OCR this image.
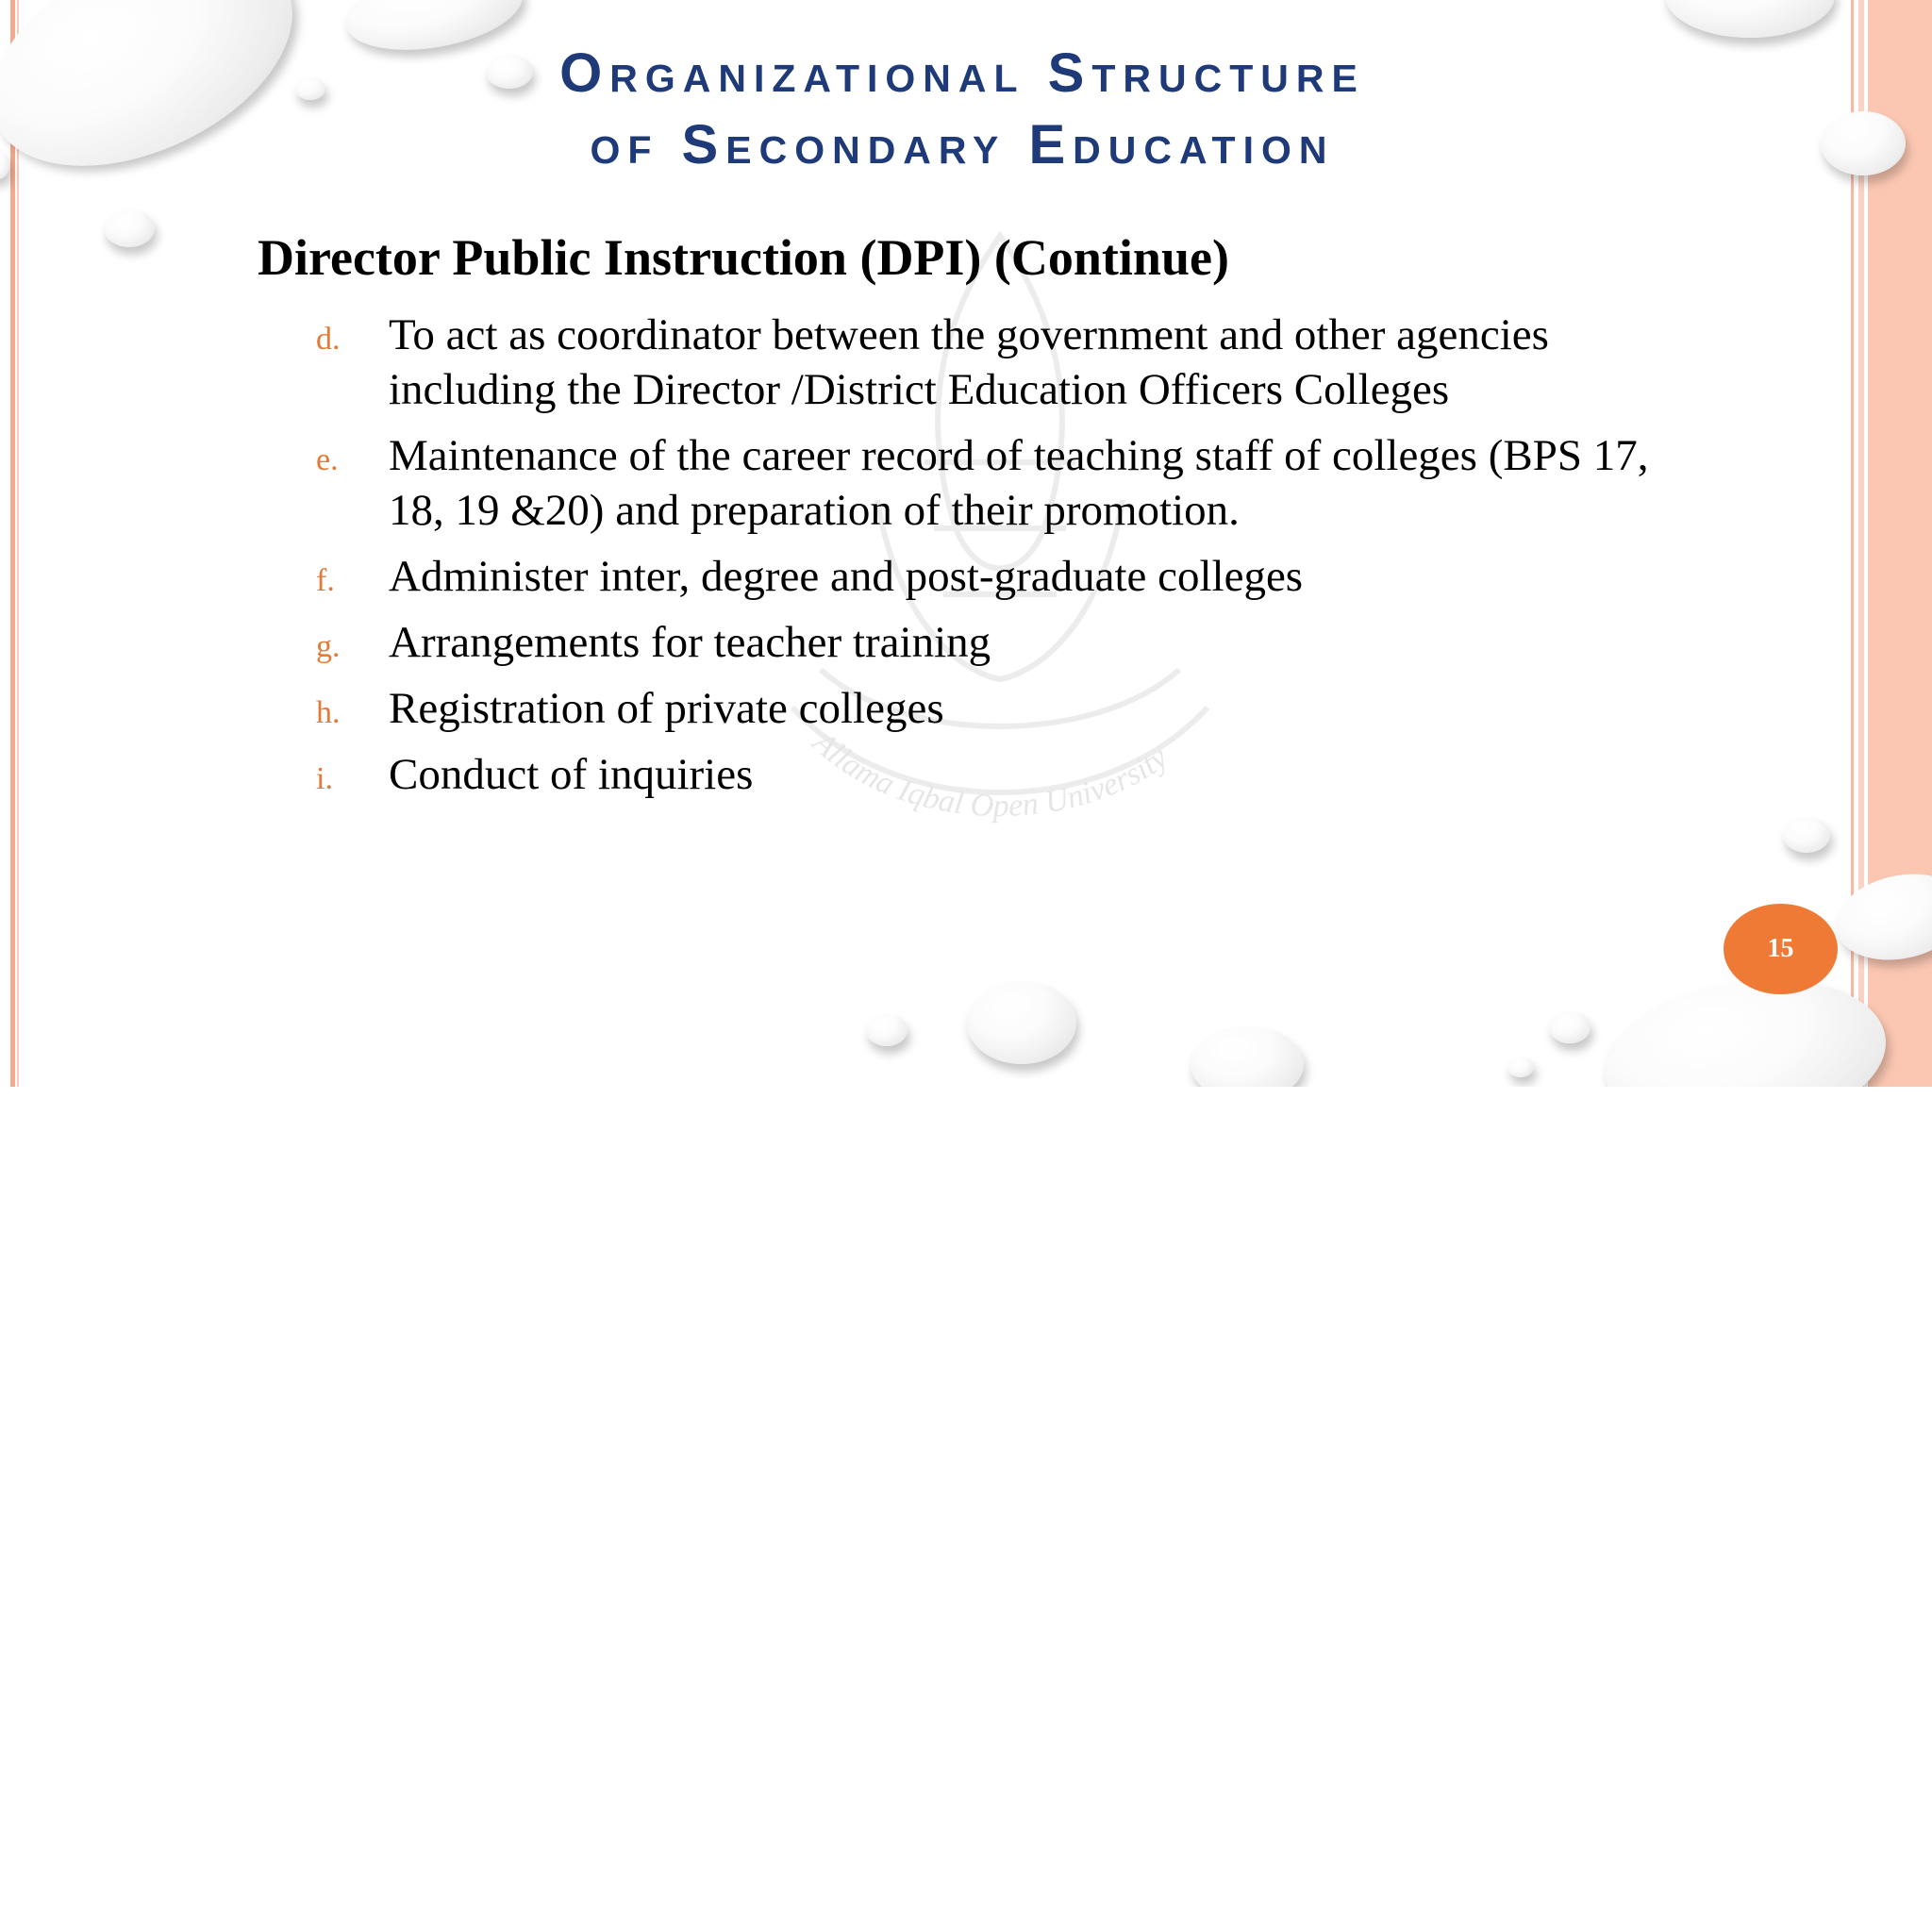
Allama Iqbal Open University
Organizational Structure
of Secondary Education
Director Public Instruction (DPI) (Continue)
d.	To act as coordinator between the government and other agencies including the Director /District Education Officers Colleges
e.	Maintenance of the career record of teaching staff of colleges (BPS 17, 18, 19 &20) and preparation of their promotion.
f.	Administer inter, degree and post-graduate colleges
g.	Arrangements for teacher training
h.	Registration of private colleges
i.	Conduct of inquiries
15
